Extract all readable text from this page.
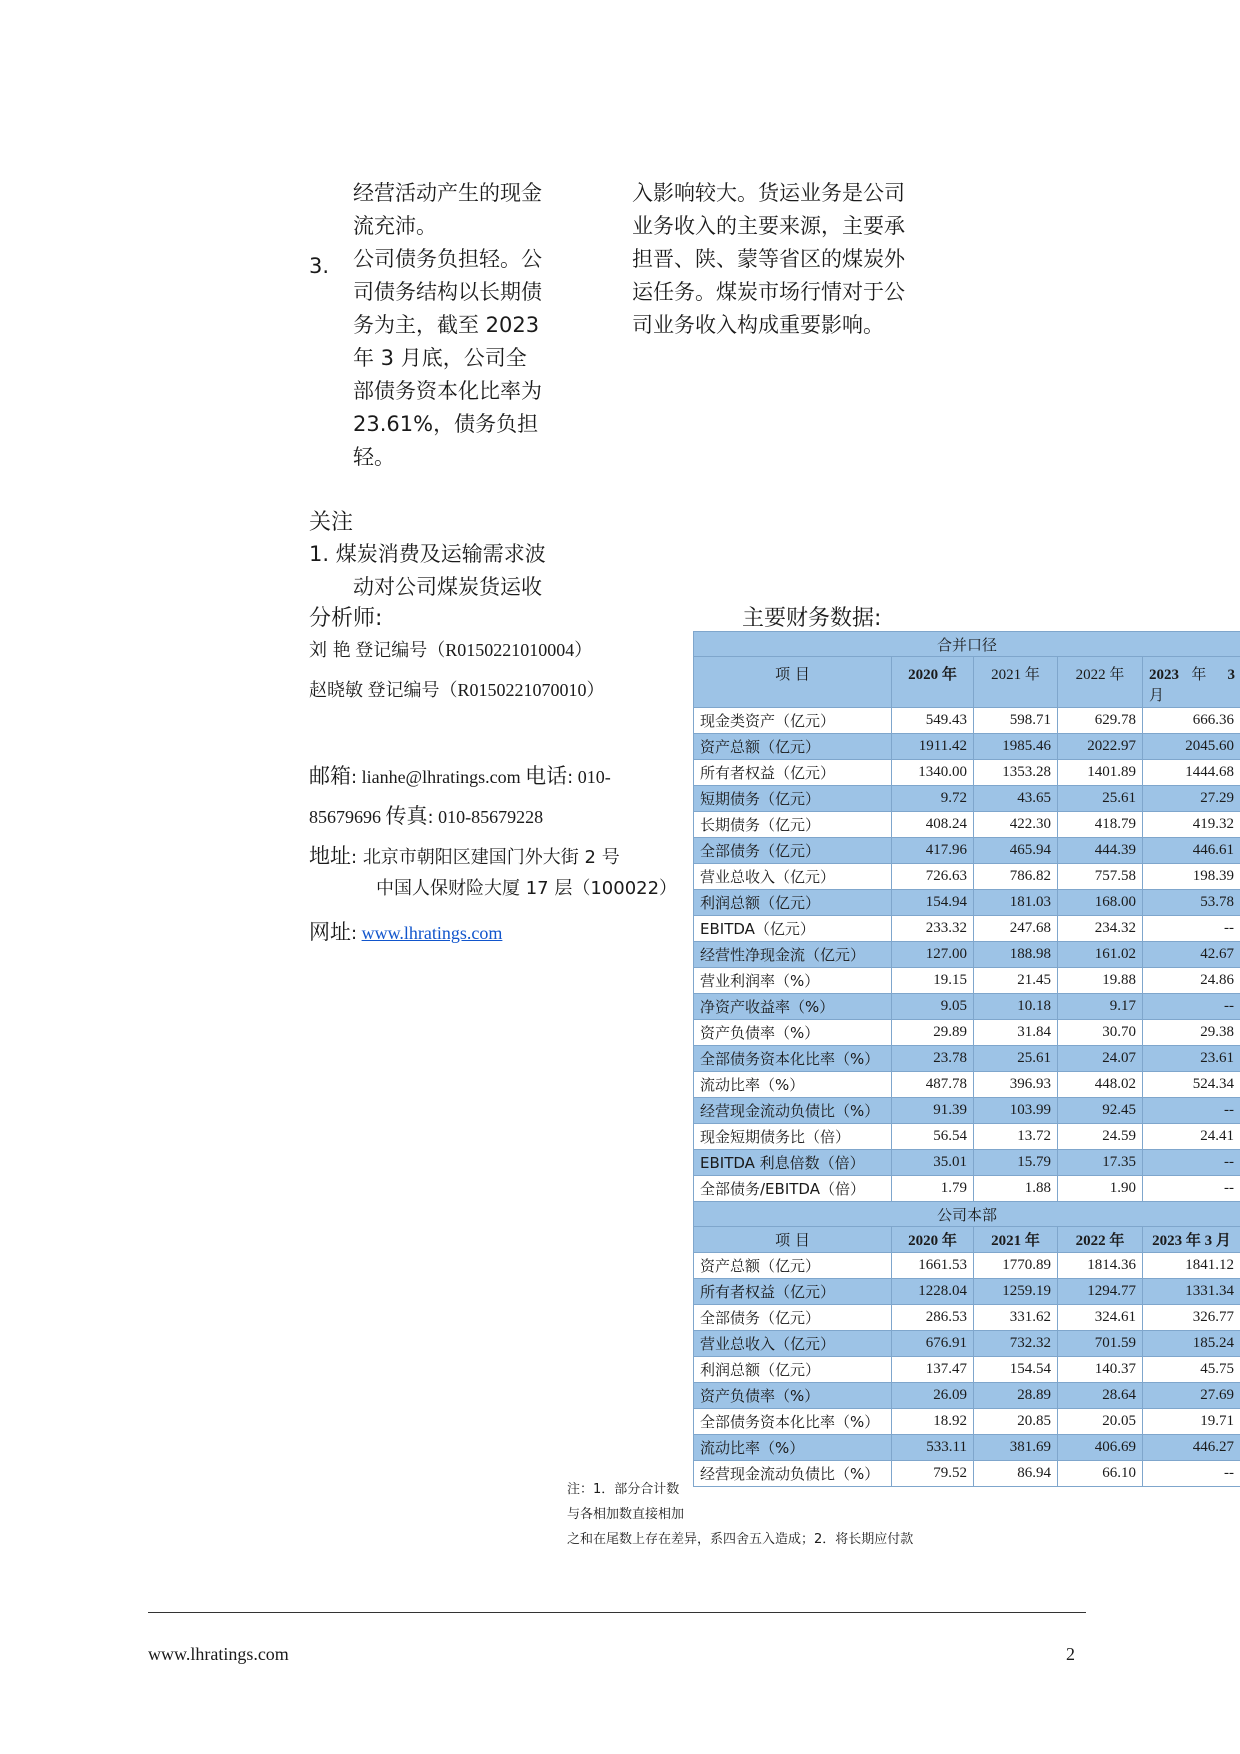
经营活动产生的现金

流充沛。

公司债务负担轻。公

司债务结构以长期债

务为主，截至 2023

年 3 月底，公司全

部债务资本化比率为

23.61%，债务负担

轻。

3.

入影响较大。货运业务是公司

业务收入的主要来源，主要承

担晋、陕、蒙等省区的煤炭外

运任务。煤炭市场行情对于公

司业务收入构成重要影响。

关注
1. 煤炭消费及运输需求波
动对公司煤炭货运收
分析师:
刘 艳 登记编号（R0150221010004）
赵晓敏 登记编号（R0150221070010）
邮箱: lianhe@lhratings.com 电话: 010-
85679696 传真: 010-85679228
地址: 北京市朝阳区建国门外大街 2 号
中国人保财险大厦 17 层（100022）
网址: www.lhratings.com
主要财务数据:
合并口径				
项 目	2020 年	2021 年	2022 年	2023 年 3
月
现金类资产（亿元）	549.43	598.71	629.78	666.36
资产总额（亿元）	1911.42	1985.46	2022.97	2045.60
所有者权益（亿元）	1340.00	1353.28	1401.89	1444.68
短期债务（亿元）	9.72	43.65	25.61	27.29
长期债务（亿元）	408.24	422.30	418.79	419.32
全部债务（亿元）	417.96	465.94	444.39	446.61
营业总收入（亿元）	726.63	786.82	757.58	198.39
利润总额（亿元）	154.94	181.03	168.00	53.78
EBITDA（亿元）	233.32	247.68	234.32	--
经营性净现金流（亿元）	127.00	188.98	161.02	42.67
营业利润率（%）	19.15	21.45	19.88	24.86
净资产收益率（%）	9.05	10.18	9.17	--
资产负债率（%）	29.89	31.84	30.70	29.38
全部债务资本化比率（%）	23.78	25.61	24.07	23.61
流动比率（%）	487.78	396.93	448.02	524.34
经营现金流动负债比（%）	91.39	103.99	92.45	--
现金短期债务比（倍）	56.54	13.72	24.59	24.41
EBITDA 利息倍数（倍）	35.01	15.79	17.35	--
全部债务/EBITDA（倍）	1.79	1.88	1.90	--
公司本部				
项 目	2020 年	2021 年	2022 年	2023 年 3 月
资产总额（亿元）	1661.53	1770.89	1814.36	1841.12
所有者权益（亿元）	1228.04	1259.19	1294.77	1331.34
全部债务（亿元）	286.53	331.62	324.61	326.77
营业总收入（亿元）	676.91	732.32	701.59	185.24
利润总额（亿元）	137.47	154.54	140.37	45.75
资产负债率（%）	26.09	28.89	28.64	27.69
全部债务资本化比率（%）	18.92	20.85	20.05	19.71
流动比率（%）	533.11	381.69	406.69	446.27
经营现金流动负债比（%）	79.52	86.94	66.10	--
注：1．部分合计数
与各相加数直接相加
之和在尾数上存在差异，系四舍五入造成；2．将长期应付款
www.lhratings.com	2
